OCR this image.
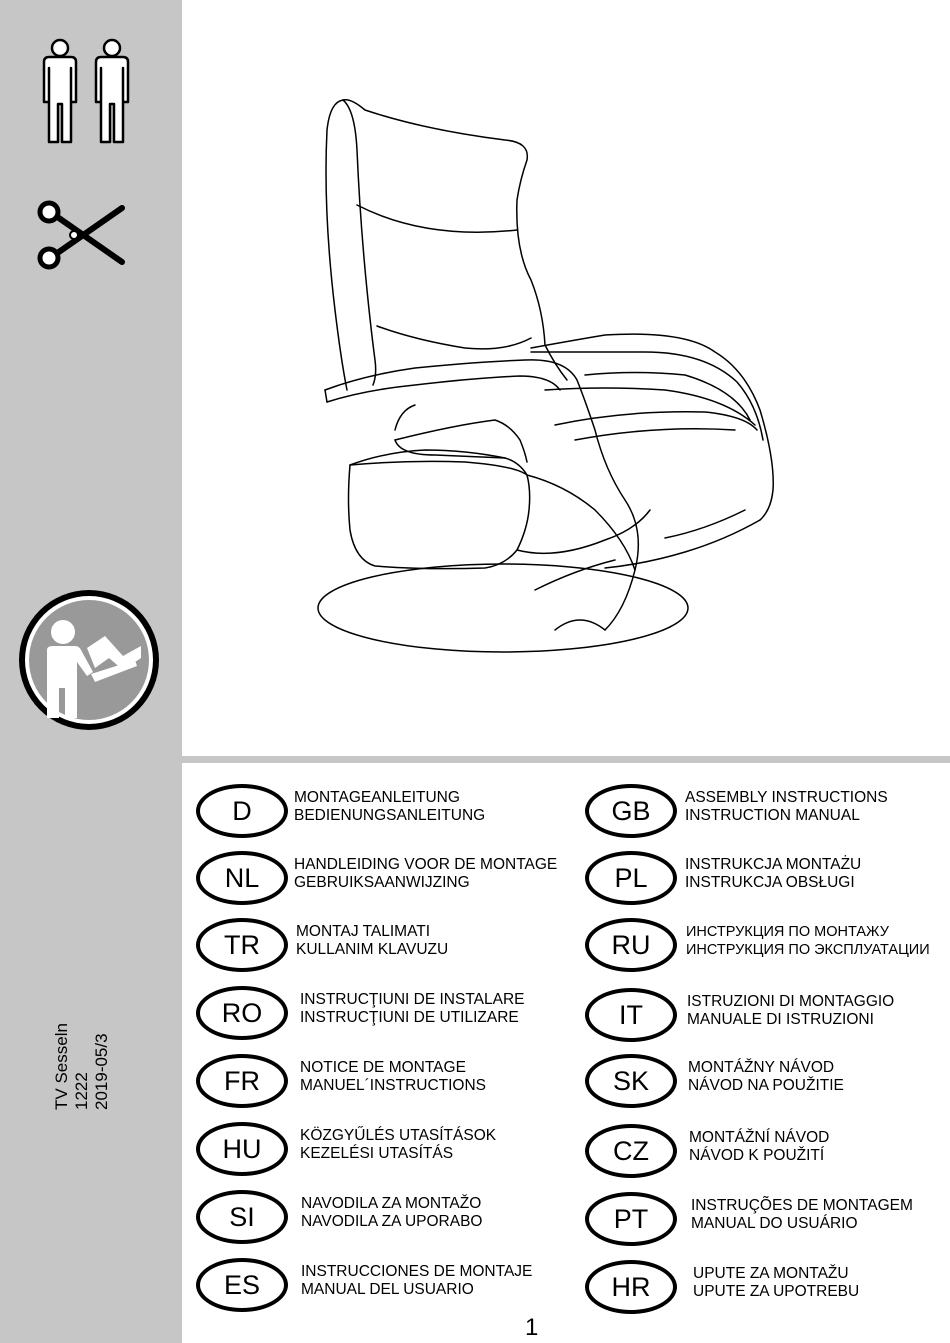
TV Sesseln 1222 2019-05/3
D	MONTAGEANLEITUNG
BEDIENUNGSANLEITUNG
NL	HANDLEIDING VOOR DE MONTAGE
GEBRUIKSAANWIJZING
TR	MONTAJ TALIMATI
KULLANIM KLAVUZU
RO	INSTRUCŢIUNI DE INSTALARE
INSTRUCŢIUNI DE UTILIZARE
FR	NOTICE DE MONTAGE
MANUEL´INSTRUCTIONS
HU	KÖZGYŰLÉS UTASÍTÁSOK
KEZELÉSI UTASÍTÁS
SI	NAVODILA ZA MONTAŽO
NAVODILA ZA UPORABO
ES	INSTRUCCIONES DE MONTAJE
MANUAL DEL USUARIO
GB	ASSEMBLY INSTRUCTIONS
INSTRUCTION MANUAL
PL	INSTRUKCJA MONTAŻU
INSTRUKCJA OBSŁUGI
RU	ИНСТРУКЦИЯ ПО МОНТАЖУ
ИНСТРУКЦИЯ ПО ЭКСПЛУАТАЦИИ
IT	ISTRUZIONI DI MONTAGGIO
MANUALE DI ISTRUZIONI
SK	MONTÁŽNY NÁVOD
NÁVOD NA POUŽITIE
CZ	MONTÁŽNÍ NÁVOD
NÁVOD K POUŽITÍ
PT	INSTRUÇÕES DE MONTAGEM
MANUAL DO USUÁRIO
HR	UPUTE ZA MONTAŽU
UPUTE ZA UPOTREBU
1
